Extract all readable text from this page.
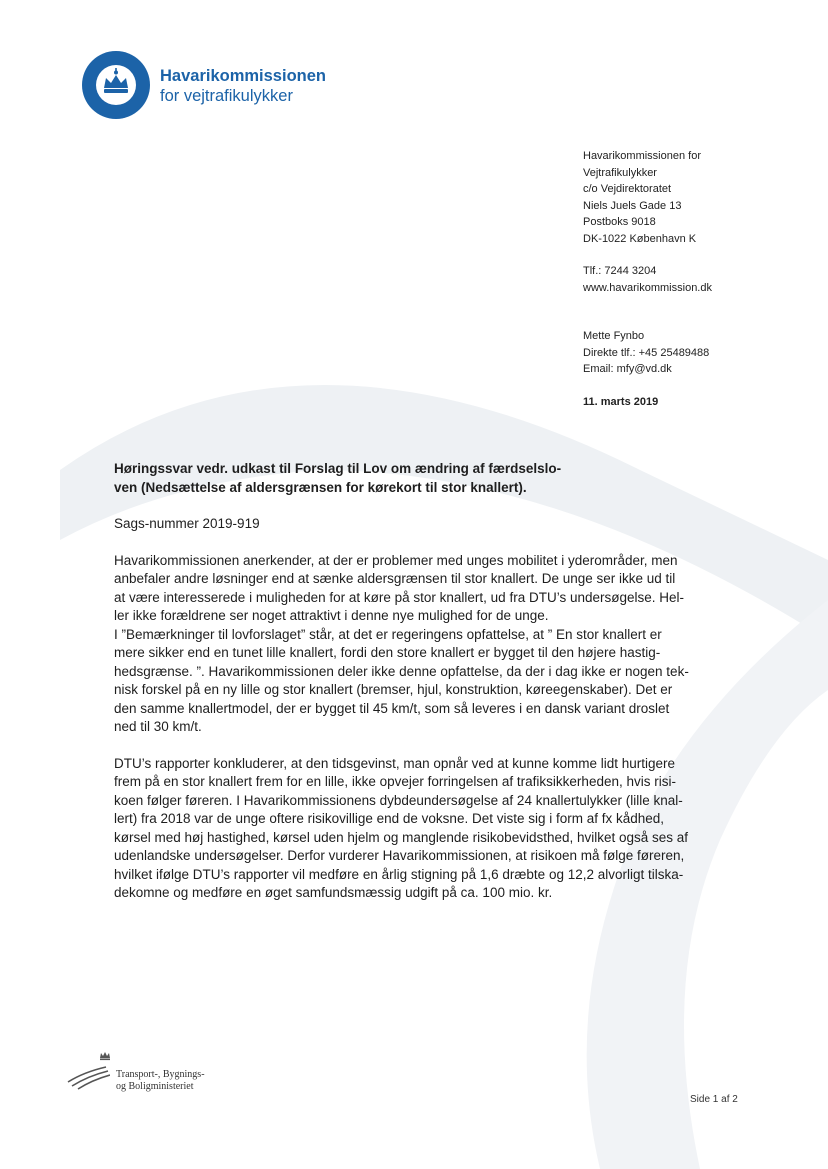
Havarikommissionen
for vejtrafikulykker
Havarikommissionen for
Vejtrafikulykker
c/o Vejdirektoratet
Niels Juels Gade 13
Postboks 9018
DK-1022 København K
Tlf.: 7244 3204
www.havarikommission.dk
Mette Fynbo
Direkte tlf.: +45 25489488
Email: mfy@vd.dk
11. marts 2019
Høringssvar vedr. udkast til Forslag til Lov om ændring af færdselslo-
ven (Nedsættelse af aldersgrænsen for kørekort til stor knallert).
Sags-nummer 2019-919
Havarikommissionen anerkender, at der er problemer med unges mobilitet i yderområder, men
anbefaler andre løsninger end at sænke aldersgrænsen til stor knallert. De unge ser ikke ud til
at være interesserede i muligheden for at køre på stor knallert, ud fra DTU’s undersøgelse. Hel-
ler ikke forældrene ser noget attraktivt i denne nye mulighed for de unge.
I ”Bemærkninger til lovforslaget” står, at det er regeringens opfattelse, at ” En stor knallert er
mere sikker end en tunet lille knallert, fordi den store knallert er bygget til den højere hastig-
hedsgrænse. ”. Havarikommissionen deler ikke denne opfattelse, da der i dag ikke er nogen tek-
nisk forskel på en ny lille og stor knallert (bremser, hjul, konstruktion, køreegenskaber). Det er
den samme knallertmodel, der er bygget til 45 km/t, som så leveres i en dansk variant droslet
ned til 30 km/t.
DTU’s rapporter konkluderer, at den tidsgevinst, man opnår ved at kunne komme lidt hurtigere
frem på en stor knallert frem for en lille, ikke opvejer forringelsen af trafiksikkerheden, hvis risi-
koen følger føreren. I Havarikommissionens dybdeundersøgelse af 24 knallertulykker (lille knal-
lert) fra 2018 var de unge oftere risikovillige end de voksne. Det viste sig i form af fx kådhed,
kørsel med høj hastighed, kørsel uden hjelm og manglende risikobevidsthed, hvilket også ses af
udenlandske undersøgelser. Derfor vurderer Havarikommissionen, at risikoen må følge føreren,
hvilket ifølge DTU’s rapporter vil medføre en årlig stigning på 1,6 dræbte og 12,2 alvorligt tilska-
dekomne og medføre en øget samfundsmæssig udgift på ca. 100 mio. kr.
Transport-, Bygnings-
og Boligministeriet
Side 1 af 2
